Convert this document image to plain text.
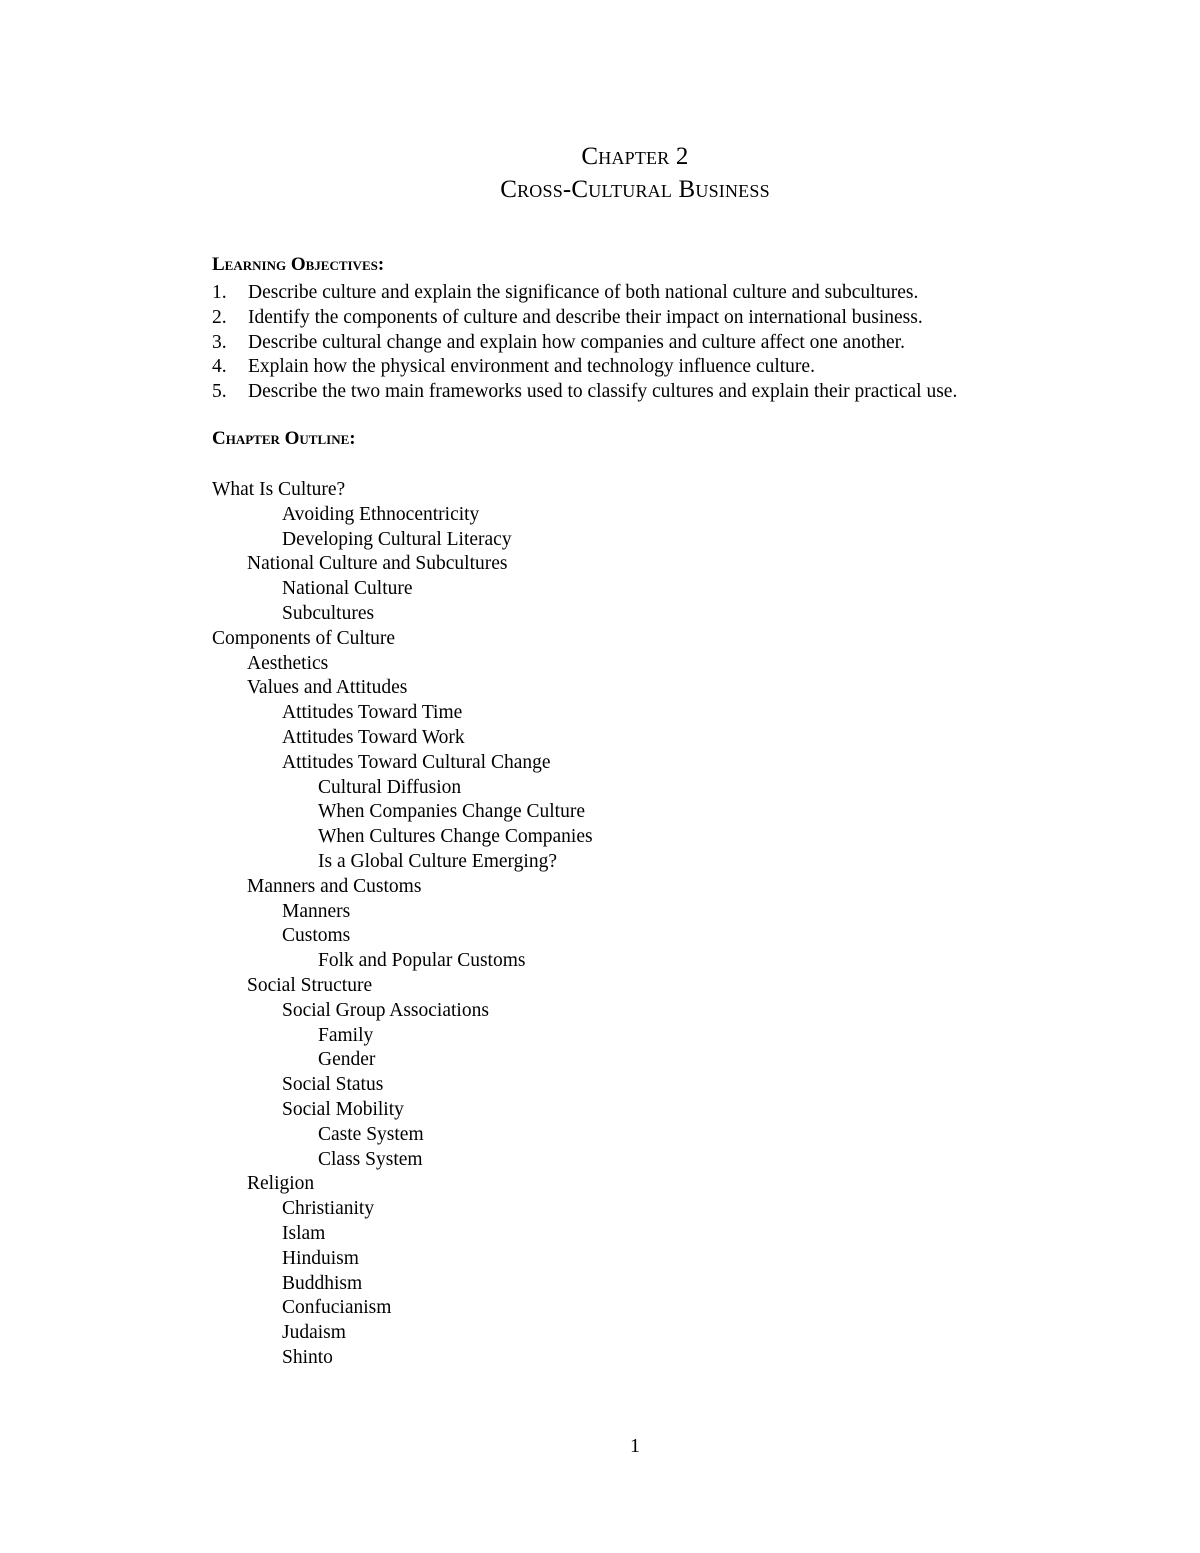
Chapter 2
Cross-Cultural Business
Learning Objectives:
1. Describe culture and explain the significance of both national culture and subcultures.
2. Identify the components of culture and describe their impact on international business.
3. Describe cultural change and explain how companies and culture affect one another.
4. Explain how the physical environment and technology influence culture.
5. Describe the two main frameworks used to classify cultures and explain their practical use.
Chapter Outline:
What Is Culture?
Avoiding Ethnocentricity
Developing Cultural Literacy
National Culture and Subcultures
National Culture
Subcultures
Components of Culture
Aesthetics
Values and Attitudes
Attitudes Toward Time
Attitudes Toward Work
Attitudes Toward Cultural Change
Cultural Diffusion
When Companies Change Culture
When Cultures Change Companies
Is a Global Culture Emerging?
Manners and Customs
Manners
Customs
Folk and Popular Customs
Social Structure
Social Group Associations
Family
Gender
Social Status
Social Mobility
Caste System
Class System
Religion
Christianity
Islam
Hinduism
Buddhism
Confucianism
Judaism
Shinto
1
